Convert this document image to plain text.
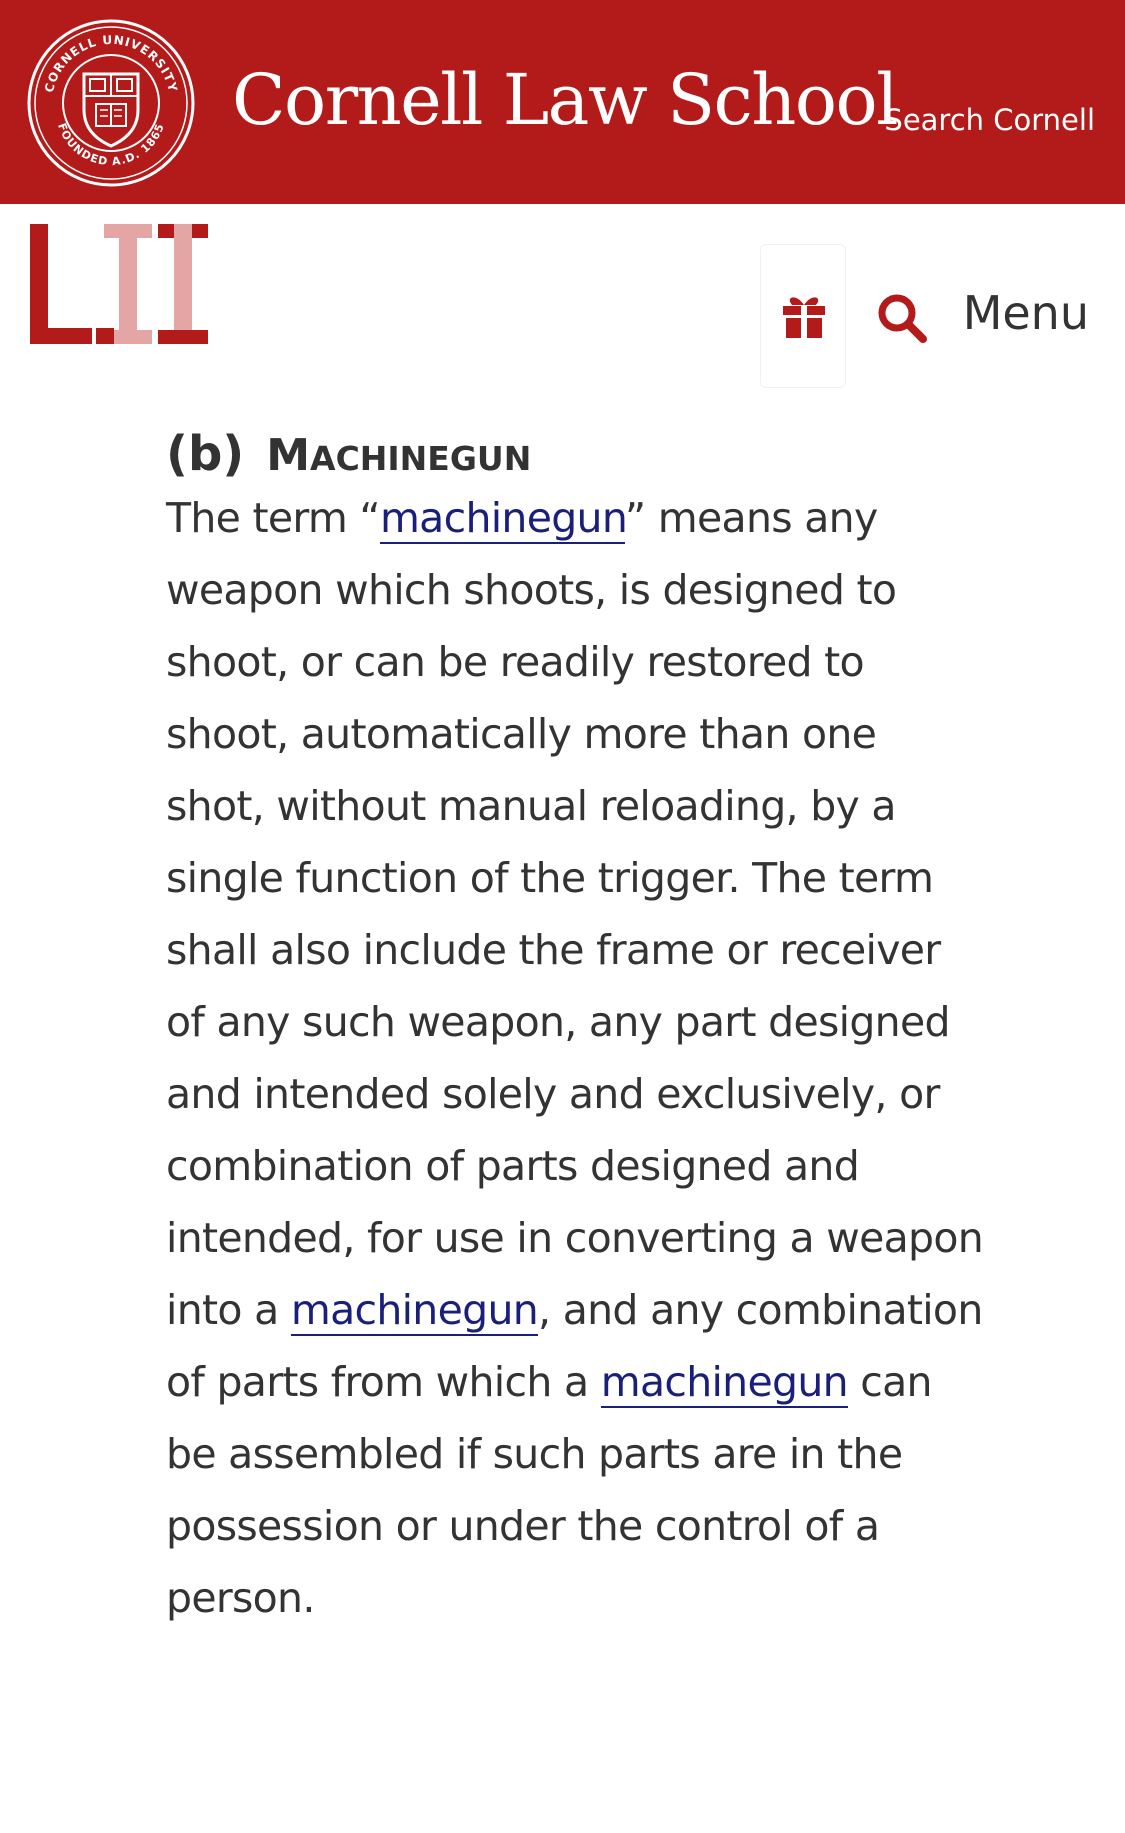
CORNELL UNIVERSITY
FOUNDED A.D. 1865 Cornell Law School
Search Cornell
Menu
(b) MACHINEGUN

The term “machinegun” means any weapon which shoots, is designed to shoot, or can be readily restored to shoot, automatically more than one shot, without manual reloading, by a single function of the trigger. The term shall also include the frame or receiver of any such weapon, any part designed and intended solely and exclusively, or combination of parts designed and intended, for use in converting a weapon into a machinegun, and any combination of parts from which a machinegun can be assembled if such parts are in the possession or under the control of a person.
